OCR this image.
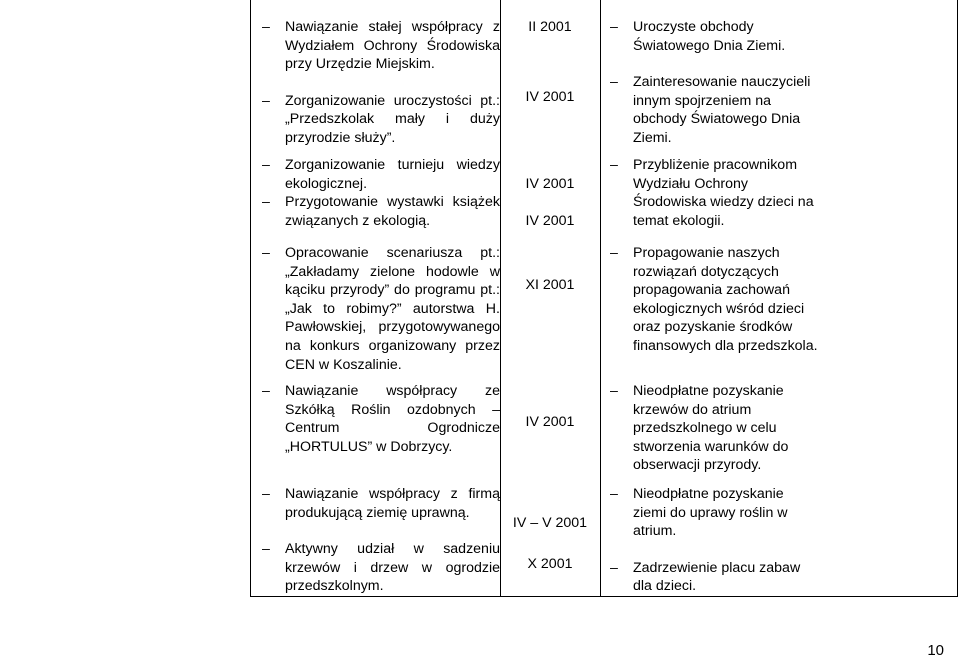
– Nawiązanie stałej współpracy z Wydziałem Ochrony Środowiska przy Urzędzie Miejskim.
– Zorganizowanie uroczystości pt.: „Przedszkolak mały i duży przyrodzie służy”.
II 2001
IV 2001
– Uroczyste obchody Światowego Dnia Ziemi.
– Zainteresowanie nauczycieli innym spojrzeniem na obchody Światowego Dnia Ziemi.
– Zorganizowanie turnieju wiedzy ekologicznej.
– Przygotowanie wystawki książek związanych z ekologią.
IV 2001
IV 2001
– Przybliżenie pracownikom Wydziału Ochrony Środowiska wiedzy dzieci na temat ekologii.
– Opracowanie scenariusza pt.: „Zakładamy zielone hodowle w kąciku przyrody” do programu pt.: „Jak to robimy?” autorstwa H. Pawłowskiej, przygotowywanego na konkurs organizowany przez CEN w Koszalinie.
XI 2001
– Propagowanie naszych rozwiązań dotyczących propagowania zachowań ekologicznych wśród dzieci oraz pozyskanie środków finansowych dla przedszkola.
– Nawiązanie współpracy ze Szkółką Roślin ozdobnych – Centrum Ogrodnicze „HORTULUS” w Dobrzycy.
IV 2001
– Nieodpłatne pozyskanie krzewów do atrium przedszkolnego w celu stworzenia warunków do obserwacji przyrody.
– Nawiązanie współpracy z firmą produkującą ziemię uprawną.
– Aktywny udział w sadzeniu krzewów i drzew w ogrodzie przedszkolnym.
IV – V 2001
X 2001
– Nieodpłatne pozyskanie ziemi do uprawy roślin w atrium.
– Zadrzewienie placu zabaw dla dzieci.
10
